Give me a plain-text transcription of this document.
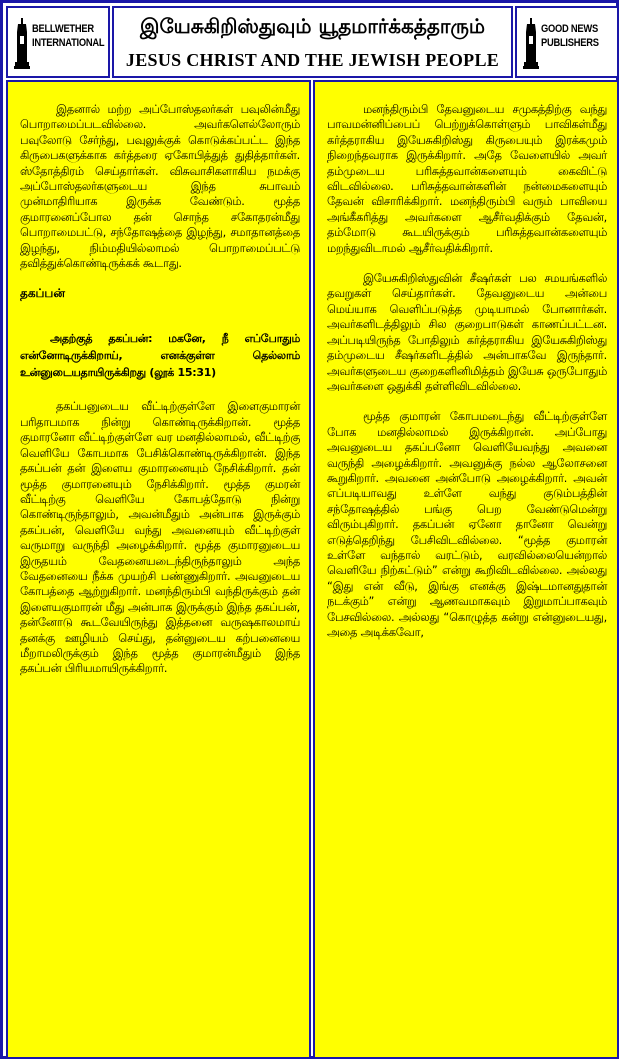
BELLWETHER INTERNATIONAL
இயேசுகிறிஸ்துவும் யூதமார்க்கத்தாரும்
JESUS CHRIST AND THE JEWISH PEOPLE
GOOD NEWS PUBLISHERS

இதனால் மற்ற அப்போஸ்தலர்கள் பவுலின்மீது பொறாமைப்படவில்லை. அவர்களெல்லோரும் பவுலோடு சேர்ந்து, பவுலுக்குக் கொடுக்கப்பட்ட இந்த கிருபைகளுக்காக கர்த்தரை ஏகோபித்துத் துதித்தார்கள். ஸ்தோத்திரம் செய்தார்கள். விசுவாசிகளாகிய நமக்கு அப்போஸ்தலர்களுடைய இந்த சுபாவம் முன்மாதிரியாக இருக்க வேண்டும். மூத்த குமாரனைப்போல தன் சொந்த சகோதரன்மீது பொறாமைபட்டு, சந்தோஷத்தை இழந்து, சமாதானத்தை இழந்து, நிம்மதியில்லாமல் பொறாமைப்பட்டு தவித்துக்கொண்டிருக்கக் கூடாது.

தகப்பன்

அதற்குத் தகப்பன்: மகனே, நீ எப்போதும் என்னோடிருக்கிறாய், எனக்குள்ள தெல்லாம் உன்னுடையதாயிருக்கிறது (லூக் 15:31)

தகப்பனுடைய வீட்டிற்குள்ளே இளைகுமாரன் பரிதாபமாக நின்று கொண்டிருக்கிறான். மூத்த குமாரனோ வீட்டிற்குள்ளே வர மனதில்லாமல், வீட்டிற்கு வெளியே கோபமாக பேசிக்கொண்டிருக்கிறான். இந்த தகப்பன் தன் இளைய குமாரனையும் நேசிக்கிறார். தன் மூத்த குமாரனையும் நேசிக்கிறார். மூத்த குமரன் வீட்டிற்கு வெளியே கோபத்தோடு நின்று கொண்டிருந்தாலும், அவன்மீதும் அன்பாக இருக்கும் தகப்பன், வெளியே வந்து அவனையும் வீட்டிற்குள் வருமாறு வருந்தி அழைக்கிறார். மூத்த குமாரனுடைய இருதயம் வேதனையடைந்திருந்தாலும் அந்த வேதனையை நீக்க முயற்சி பண்ணுகிறார். அவனுடைய கோபத்தை ஆற்றுகிறார். மனந்திரும்பி வந்திருக்கும் தன் இளையகுமாரன் மீது அன்பாக இருக்கும் இந்த தகப்பன், தன்னோடு கூடவேயிருந்து இத்தனை வருஷகாலமாய் தனக்கு ஊழியம் செய்து, தன்னுடைய கற்பனையை மீறாமலிருக்கும் இந்த மூத்த குமாரன்மீதும் இந்த தகப்பன் பிரியமாயிருக்கிறார்.

மனந்திரும்பி தேவனுடைய சமுகத்திற்கு வந்து பாவமன்னிப்பைப் பெற்றுக்கொள்ளும் பாவிகள்மீது கர்த்தராகிய இயேசுகிறிஸ்து கிருபையும் இரக்கமும் நிறைந்தவராக இருக்கிறார். அதே வேளையில் அவர் தம்முடைய பரிசுத்தவான்களையும் கைவிட்டு விடவில்லை. பரிசுத்தவான்களின் நன்மைகளையும் தேவன் விசாரிக்கிறார். மனந்திரும்பி வரும் பாவியை அங்கீகரித்து அவர்களை ஆசீர்வதிக்கும் தேவன், தம்மோடு கூடயிருக்கும் பரிசுத்தவான்களையும் மறந்துவிடாமல் ஆசீர்வதிக்கிறார்.

இயேசுகிறிஸ்துவின் சீஷர்கள் பல சமயங்களில் தவறுகள் செய்தார்கள். தேவனுடைய அன்பை மெய்யாக வெளிப்படுத்த முடியாமல் போனார்கள். அவர்களிடத்திலும் சில குறைபாடுகள் காணப்பட்டன. அப்படியிருந்த போதிலும் கர்த்தராகிய இயேசுகிறிஸ்து தம்முடைய சீஷர்களிடத்தில் அன்பாகவே இருந்தார். அவர்களுடைய குறைகளினிமித்தம் இயேசு ஒருபோதும் அவர்களை ஒதுக்கி தள்ளிவிடவில்லை.

மூத்த குமாரன் கோபமடைந்து வீட்டிற்குள்ளே போக மனதில்லாமல் இருக்கிறான். அப்போது அவனுடைய தகப்பனோ வெளியேவந்து அவனை வருந்தி அழைக்கிறார். அவனுக்கு நல்ல ஆலோசனை கூறுகிறார். அவனை அன்போடு அழைக்கிறார். அவன் எப்படியாவது உள்ளே வந்து குடும்பத்தின் சந்தோஷத்தில் பங்கு பெற வேண்டுமென்று விரும்புகிறார். தகப்பன் ஏனோ தானோ வென்று எடுத்தெறிந்து பேசிவிடவில்லை. “மூத்த குமாரன் உள்ளே வந்தால் வரட்டும், வரவில்லையென்றால் வெளியே நிற்கட்டும்” என்று கூறிவிடவில்லை. அல்லது “இது என் வீடு, இங்கு எனக்கு இஷ்டமானதுதான் நடக்கும்” என்று ஆணவமாகவும் இறுமாப்பாகவும் பேசவில்லை. அல்லது “கொழுத்த கன்று என்னுடையது, அதை அடிக்கவோ,
